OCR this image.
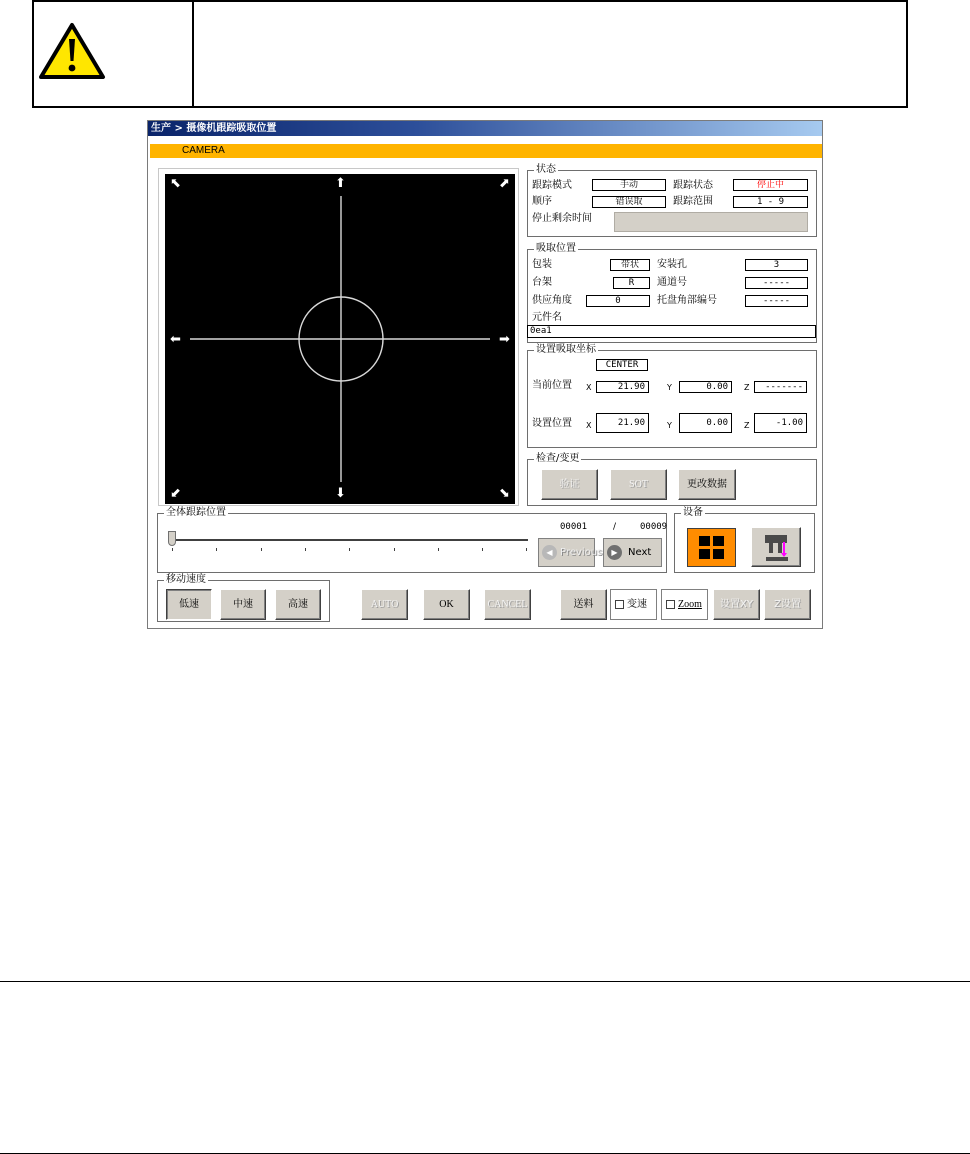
生产 > 摄像机跟踪吸取位置
CAMERA
⬉	⬆	⬈
⬅	➡
⬋	⬇	⬊
状态
跟踪模式	手动	跟踪状态	停止中
顺序	错误取	跟踪范围	1 - 9
停止剩余时间
吸取位置
包装	带状	安装孔	3
台架	R	通道号	-----
供应角度	0	托盘角部编号	-----
元件名
0ea1
设置吸取坐标
CENTER
当前位置 X	21.90	Y	0.00	Z	-------
设置位置 X	21.90	Y	0.00	Z	-1.00
检查/变更
验证	SOT	更改数据
全体跟踪位置
00001	/	00009
◀ Previous	▶	Next
设备
移动速度
低速	中速	高速	AUTO	OK	CANCEL	送料	变速	Zoom	设置XY	Z设置
